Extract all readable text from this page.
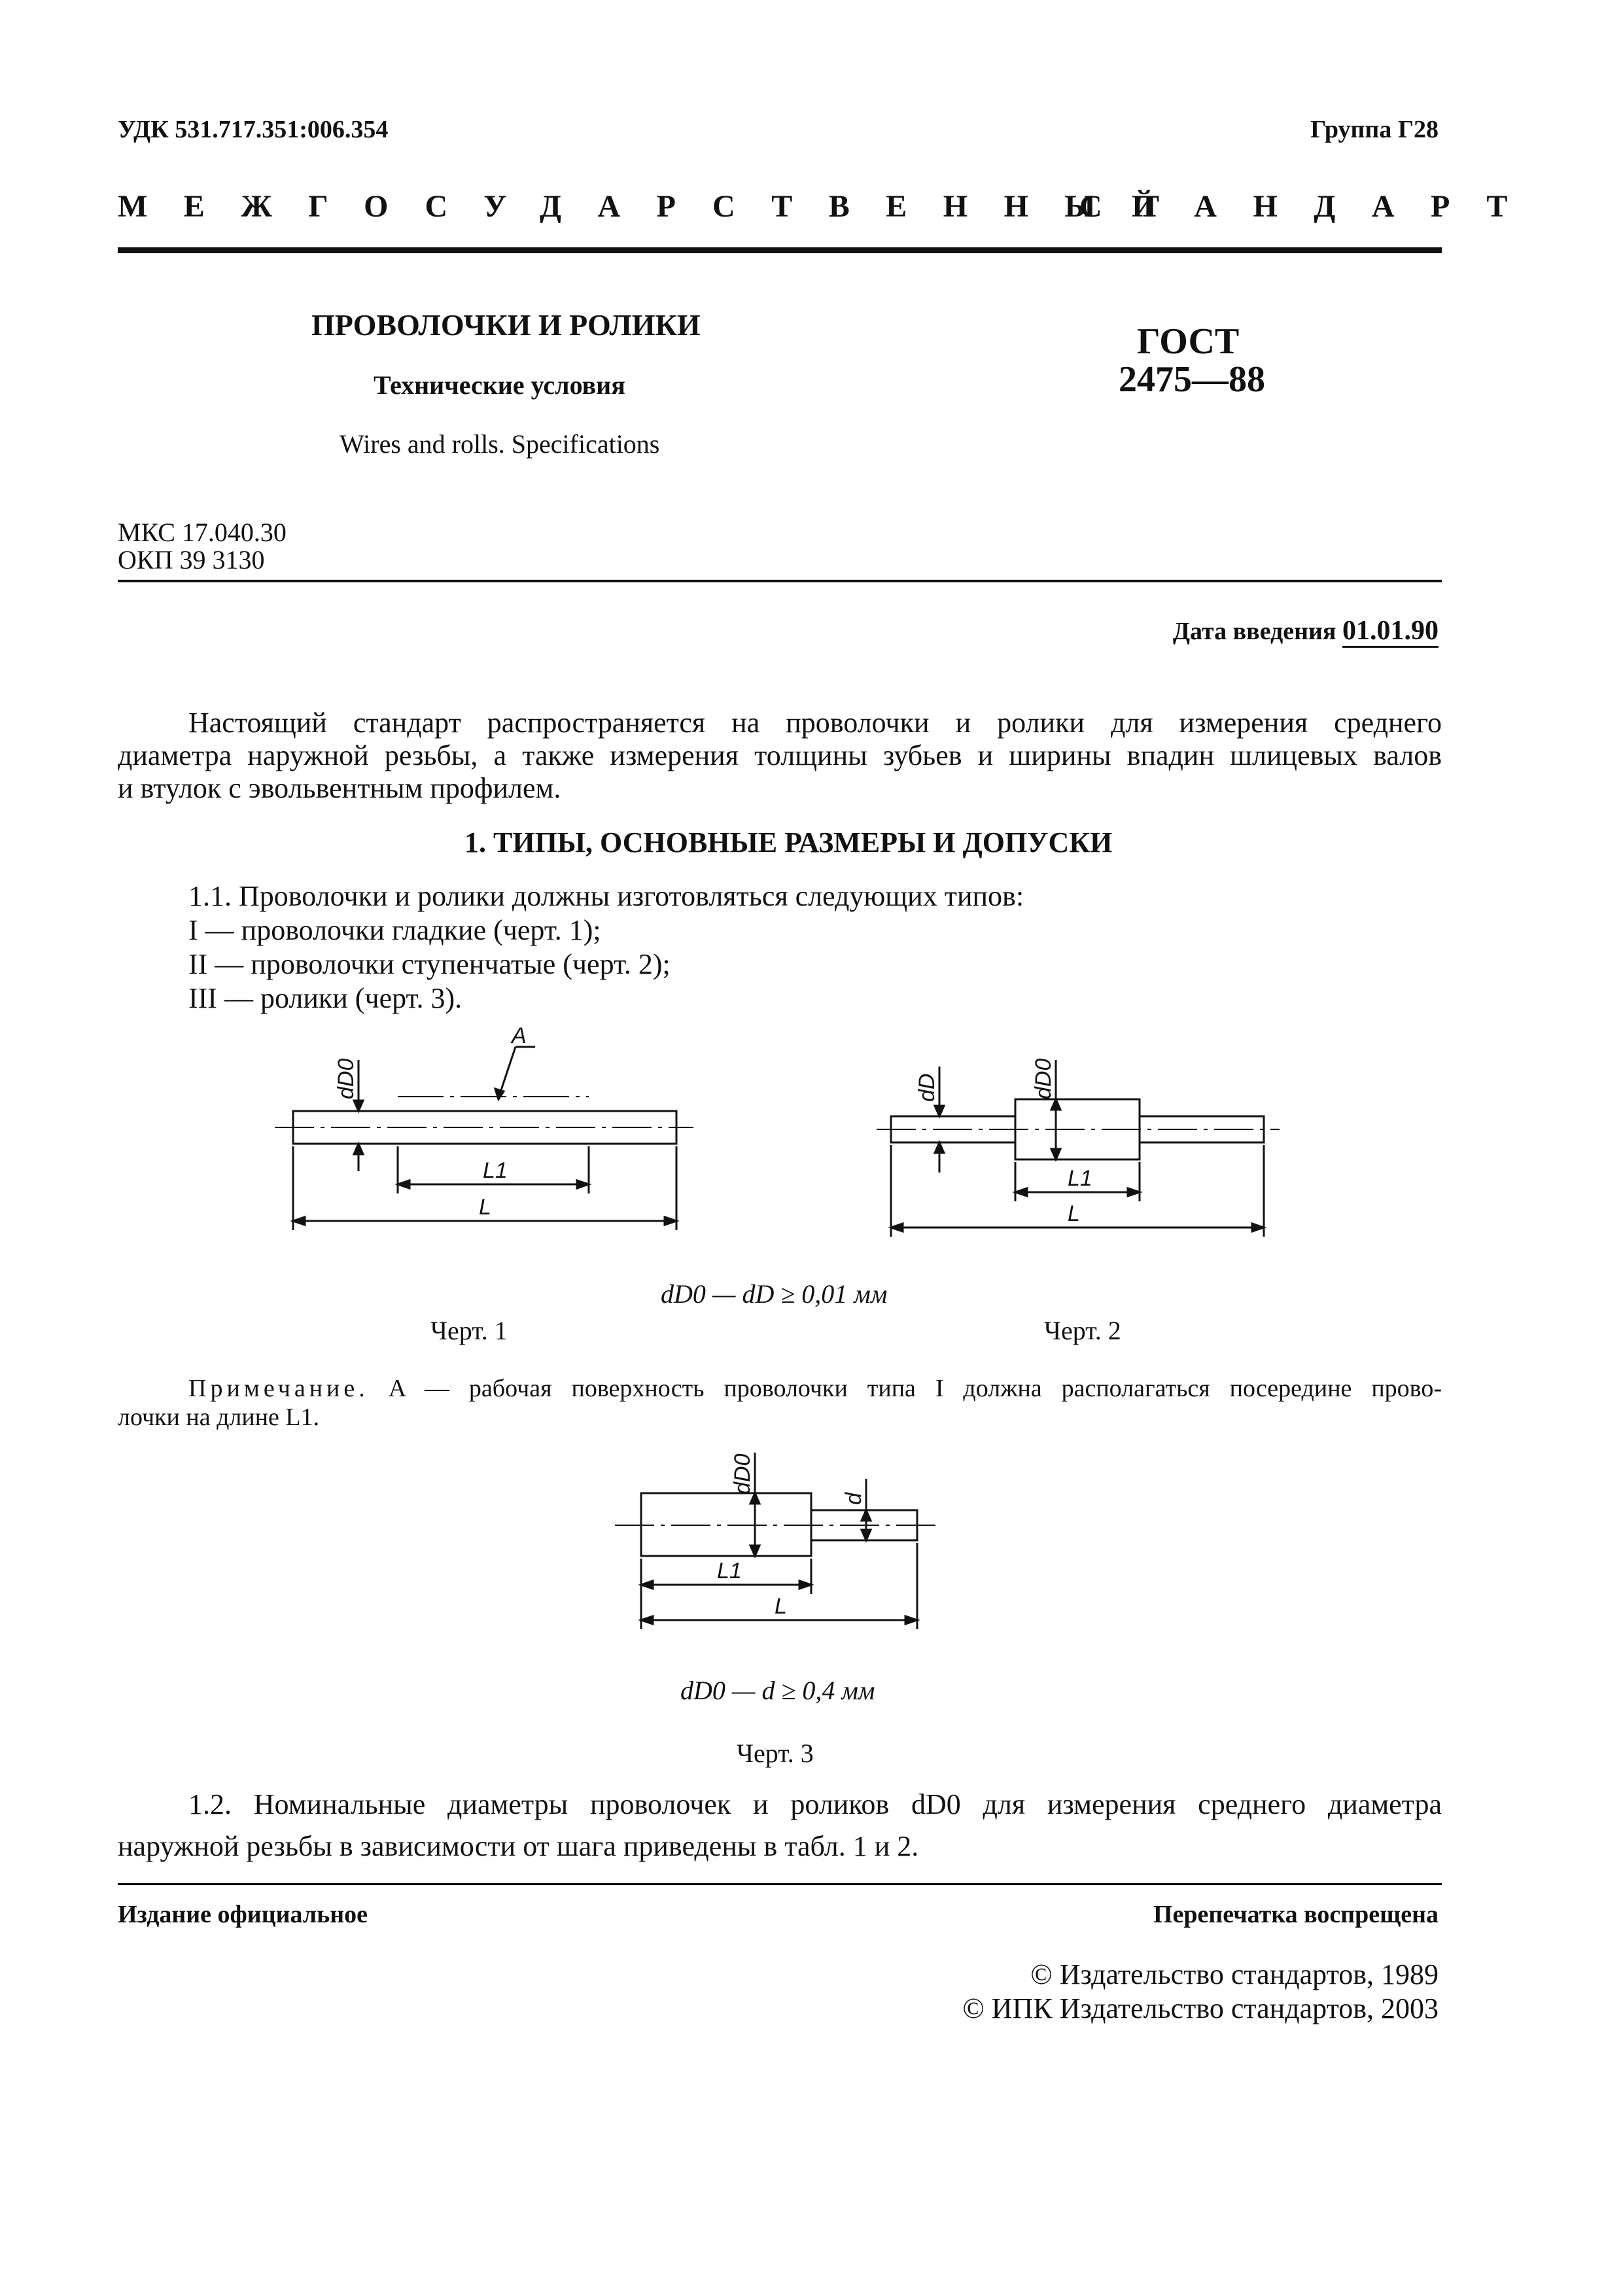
УДК 531.717.351:006.354	Группа Г28
МЕЖГОСУДАРСТВЕННЫЙ
СТАНДАРТ
ПРОВОЛОЧКИ И РОЛИКИ
Технические условия
Wires and rolls. Specifications
ГОСТ
2475—88
МКС 17.040.30
ОКП 39 3130
Дата введения 01.01.90
Настоящий стандарт распространяется на проволочки и ролики для измерения среднего
диаметра наружной резьбы, а также измерения толщины зубьев и ширины впадин шлицевых валов
и втулок с эвольвентным профилем.
1. ТИПЫ, ОСНОВНЫЕ РАЗМЕРЫ И ДОПУСКИ
1.1. Проволочки и ролики должны изготовляться следующих типов:
I — проволочки гладкие (черт. 1);
II — проволочки ступенчатые (черт. 2);
III — ролики (черт. 3).
A
L1
L
dD0
L1
L
dD	dD0
dD0 — dD ≥ 0,01 мм
Черт. 1	Черт. 2
Примечание. A — рабочая поверхность проволочки типа I должна располагаться посередине прово-
лочки на длине L1.
L1
L
dD0
d
dD0 — d ≥ 0,4 мм
Черт. 3
1.2. Номинальные диаметры проволочек и роликов dD0 для измерения среднего диаметра
наружной резьбы в зависимости от шага приведены в табл. 1 и 2.
Издание официальное	Перепечатка воспрещена
© Издательство стандартов, 1989
© ИПК Издательство стандартов, 2003
